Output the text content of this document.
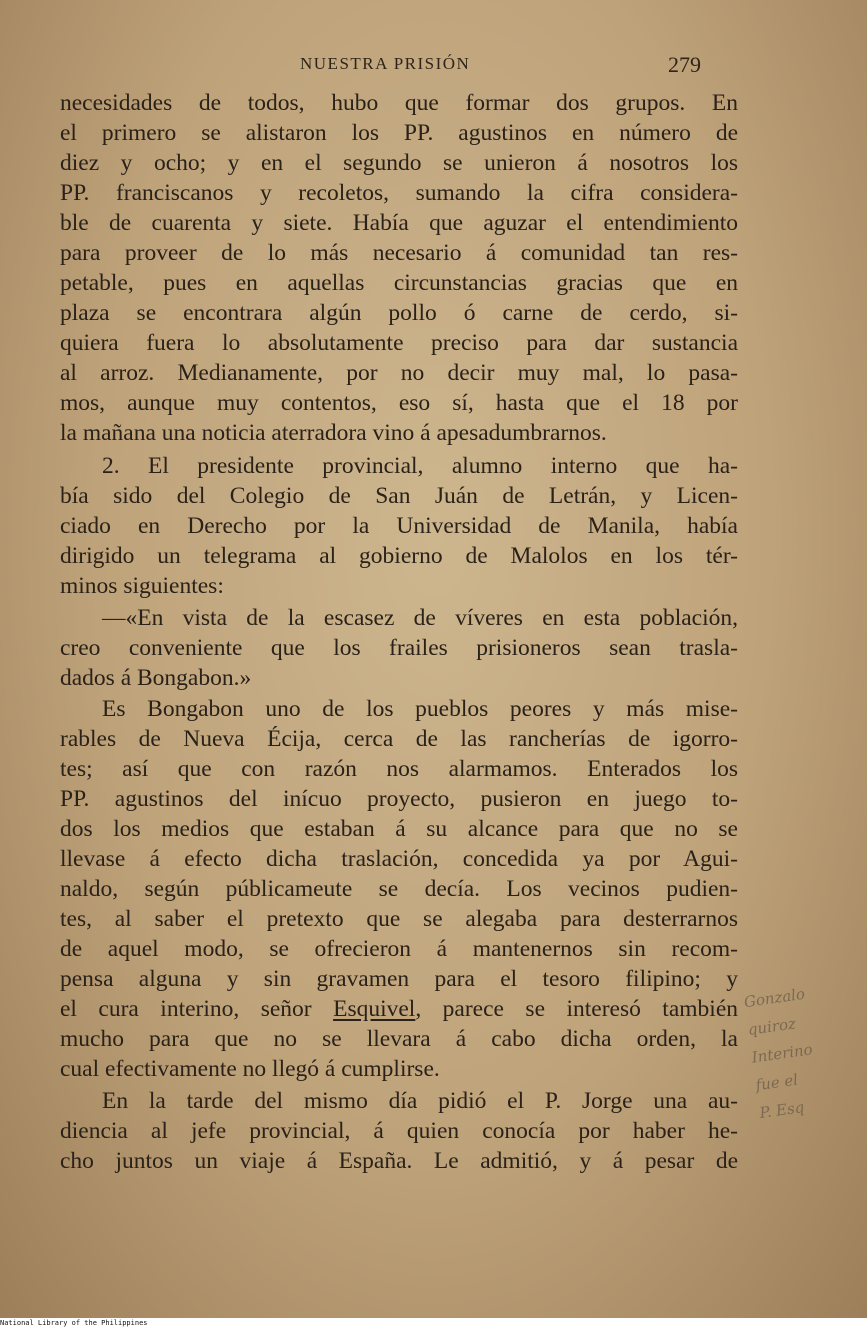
NUESTRA PRISIÓN	279
necesidades de todos, hubo que formar dos grupos. En
el primero se alistaron los PP. agustinos en número de
diez y ocho; y en el segundo se unieron á nosotros los
PP. franciscanos y recoletos, sumando la cifra considera-
ble de cuarenta y siete. Había que aguzar el entendimiento
para proveer de lo más necesario á comunidad tan res-
petable, pues en aquellas circunstancias gracias que en
plaza se encontrara algún pollo ó carne de cerdo, si-
quiera fuera lo absolutamente preciso para dar sustancia
al arroz. Medianamente, por no decir muy mal, lo pasa-
mos, aunque muy contentos, eso sí, hasta que el 18 por
la mañana una noticia aterradora vino á apesadumbrarnos.
2. El presidente provincial, alumno interno que ha-
bía sido del Colegio de San Juán de Letrán, y Licen-
ciado en Derecho por la Universidad de Manila, había
dirigido un telegrama al gobierno de Malolos en los tér-
minos siguientes:
—«En vista de la escasez de víveres en esta población,
creo conveniente que los frailes prisioneros sean trasla-
dados á Bongabon.»
Es Bongabon uno de los pueblos peores y más mise-
rables de Nueva Écija, cerca de las rancherías de igorro-
tes; así que con razón nos alarmamos. Enterados los
PP. agustinos del inícuo proyecto, pusieron en juego to-
dos los medios que estaban á su alcance para que no se
llevase á efecto dicha traslación, concedida ya por Agui-
naldo, según públicameute se decía. Los vecinos pudien-
tes, al saber el pretexto que se alegaba para desterrarnos
de aquel modo, se ofrecieron á mantenernos sin recom-
pensa alguna y sin gravamen para el tesoro filipino; y
el cura interino, señor Esquivel, parece se interesó también
mucho para que no se llevara á cabo dicha orden, la
cual efectivamente no llegó á cumplirse.
En la tarde del mismo día pidió el P. Jorge una au-
diencia al jefe provincial, á quien conocía por haber he-
cho juntos un viaje á España. Le admitió, y á pesar de
Gonzalo
quiroz
Interino
fue el
P. Esq
National Library of the Philippines
